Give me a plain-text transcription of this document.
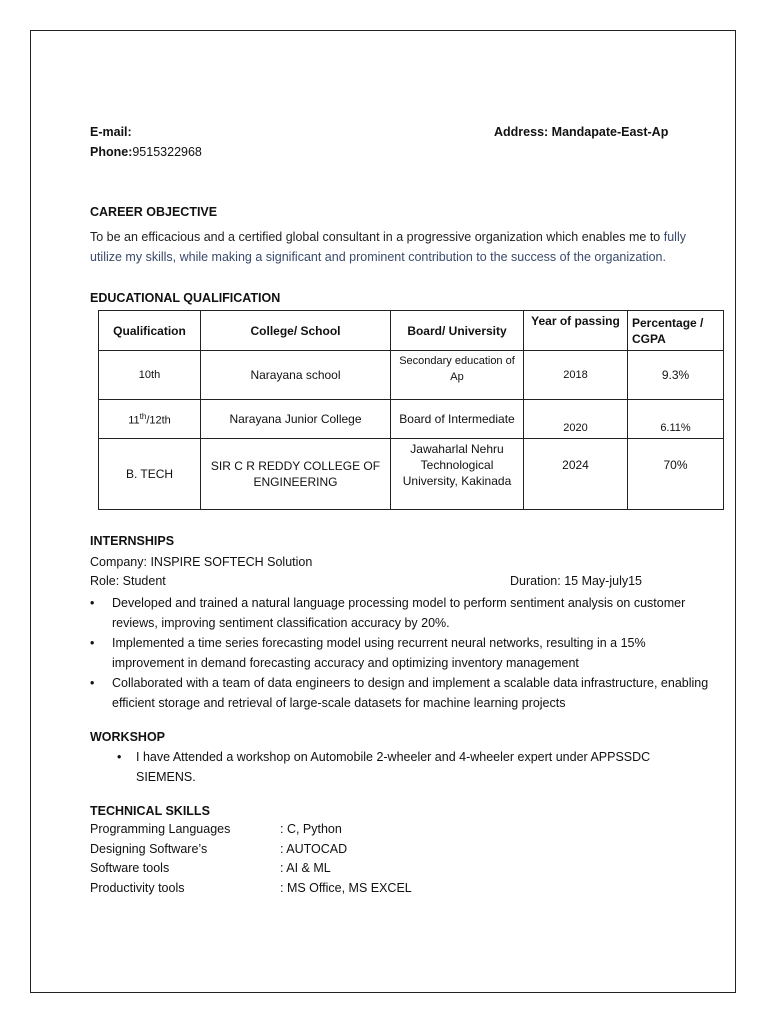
E-mail:
Phone:9515322968
Address: Mandapate-East-Ap
CAREER OBJECTIVE
To be an efficacious and a certified global consultant in a progressive organization which enables me to fully
utilize my skills, while making a significant and prominent contribution to the success of the organization.
EDUCATIONAL QUALIFICATION
Qualification	College/ School	Board/ University	Year of passing	Percentage / CGPA
10th	Narayana school	Secondary education of Ap	2018	9.3%
11th/12th	Narayana Junior College	Board of Intermediate	2020	6.11%
B. TECH	SIR C R REDDY COLLEGE OF ENGINEERING	Jawaharlal Nehru Technological University, Kakinada	2024	70%
INTERNSHIPS
Company: INSPIRE SOFTECH Solution
Role: Student	Duration: 15 May-july15
• Developed and trained a natural language processing model to perform sentiment analysis on customer reviews, improving sentiment classification accuracy by 20%.
• Implemented a time series forecasting model using recurrent neural networks, resulting in a 15% improvement in demand forecasting accuracy and optimizing inventory management
• Collaborated with a team of data engineers to design and implement a scalable data infrastructure, enabling efficient storage and retrieval of large-scale datasets for machine learning projects
WORKSHOP
•	I have Attended a workshop on Automobile 2-wheeler and 4-wheeler expert under APPSSDC SIEMENS.
TECHNICAL SKILLS
Programming Languages	: C, Python
Designing Software’s	: AUTOCAD
Software tools	: AI & ML
Productivity tools	: MS Office, MS EXCEL
